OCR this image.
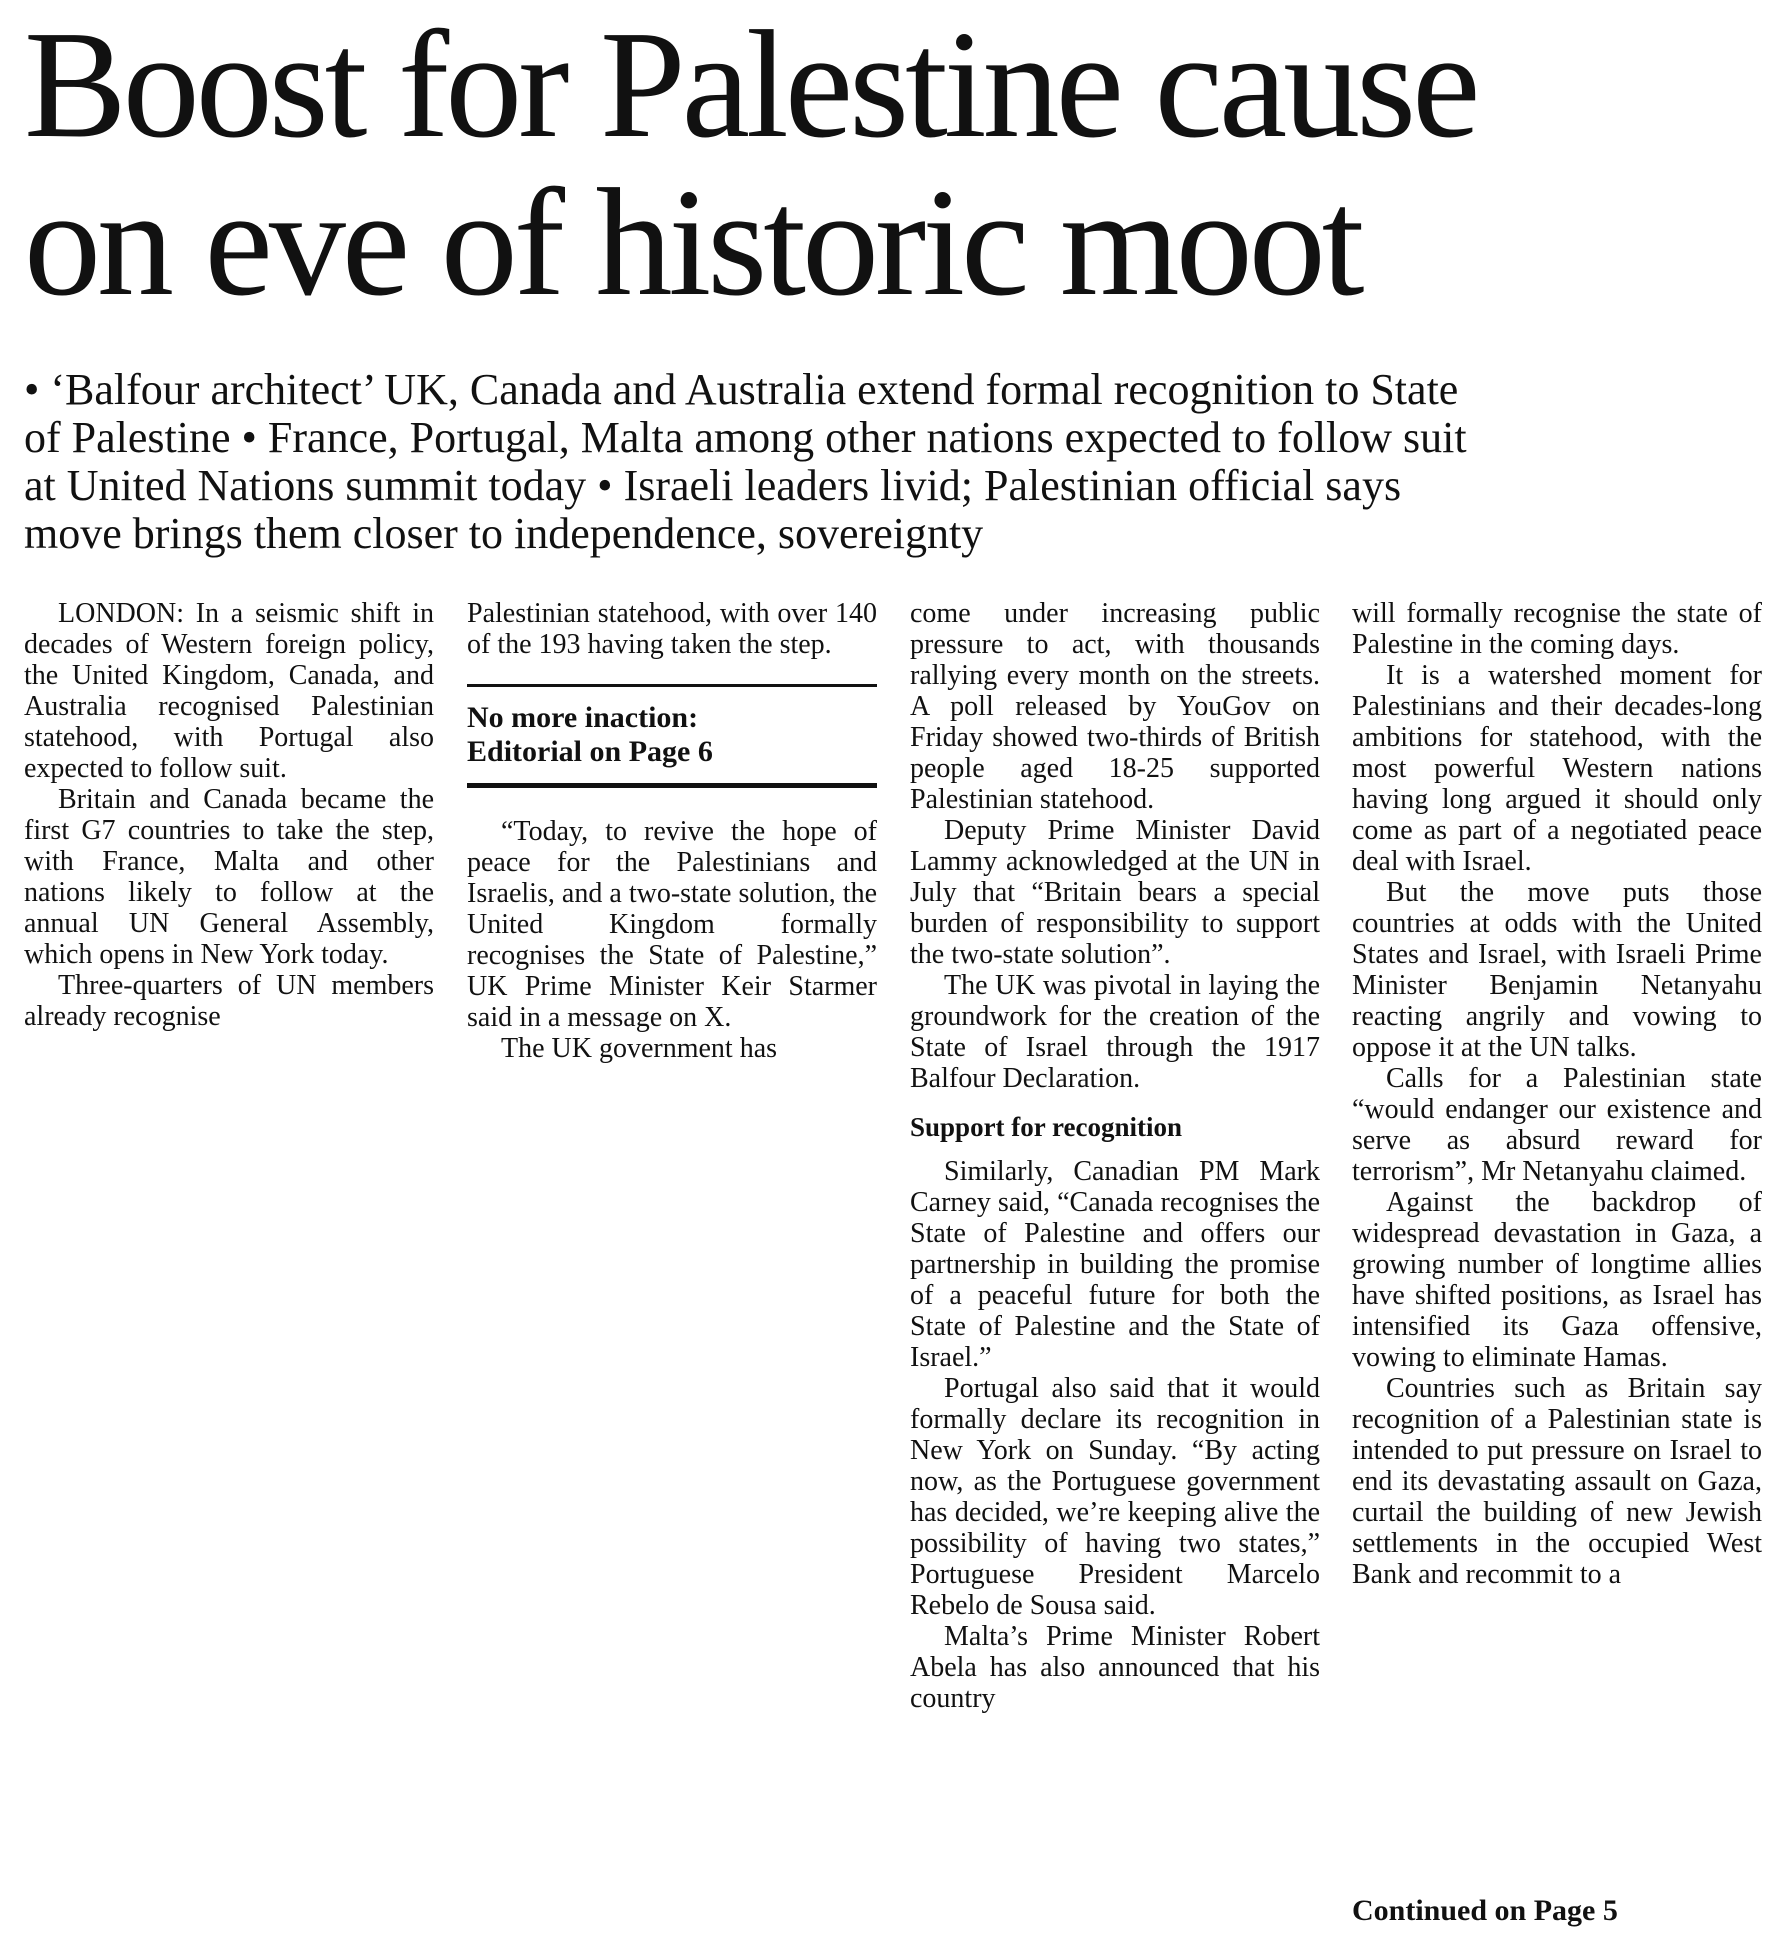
Boost for Palestine cause
on eve of historic moot
• ‘Balfour architect’ UK, Canada and Australia extend formal recognition to State
of Palestine • France, Portugal, Malta among other nations expected to follow suit
at United Nations summit today • Israeli leaders livid; Palestinian official says
move brings them closer to independence, sovereignty

LONDON: In a seismic shift in decades of Western foreign policy, the United Kingdom, Canada, and Australia recognised Palestinian statehood, with Portugal also expected to follow suit.

Britain and Canada became the first G7 countries to take the step, with France, Malta and other nations likely to follow at the annual UN General Assembly, which opens in New York today.

Three-quarters of UN members already recognise

Palestinian statehood, with over 140 of the 193 having taken the step.

No more inaction:
Editorial on Page 6

“Today, to revive the hope of peace for the Palestinians and Israelis, and a two-state solution, the United Kingdom formally recognises the State of Palestine,” UK Prime Minister Keir Starmer said in a message on X.

The UK government has

come under increasing public pressure to act, with thousands rallying every month on the streets. A poll released by YouGov on Friday showed two-thirds of British people aged 18-25 supported Palestinian statehood.

Deputy Prime Minister David Lammy acknowledged at the UN in July that “Britain bears a special burden of responsibility to support the two-state solution”.

The UK was pivotal in laying the groundwork for the creation of the State of Israel through the 1917 Balfour Declaration.

Support for recognition

Similarly, Canadian PM Mark Carney said, “Canada recognises the State of Palestine and offers our partnership in building the promise of a peaceful future for both the State of Palestine and the State of Israel.”

Portugal also said that it would formally declare its recognition in New York on Sunday. “By acting now, as the Portuguese government has decided, we’re keeping alive the possibility of having two states,” Portuguese President Marcelo Rebelo de Sousa said.

Malta’s Prime Minister Robert Abela has also announced that his country

will formally recognise the state of Palestine in the coming days.

It is a watershed moment for Palestinians and their decades-long ambitions for statehood, with the most powerful Western nations having long argued it should only come as part of a negotiated peace deal with Israel.

But the move puts those countries at odds with the United States and Israel, with Israeli Prime Minister Benjamin Netanyahu reacting angrily and vowing to oppose it at the UN talks.

Calls for a Palestinian state “would endanger our existence and serve as absurd reward for terrorism”, Mr Netanyahu claimed.

Against the backdrop of widespread devastation in Gaza, a growing number of longtime allies have shifted positions, as Israel has intensified its Gaza offensive, vowing to eliminate Hamas.

Countries such as Britain say recognition of a Palestinian state is intended to put pressure on Israel to end its devastating assault on Gaza, curtail the building of new Jewish settlements in the occupied West Bank and recommit to a

Continued on Page 5
